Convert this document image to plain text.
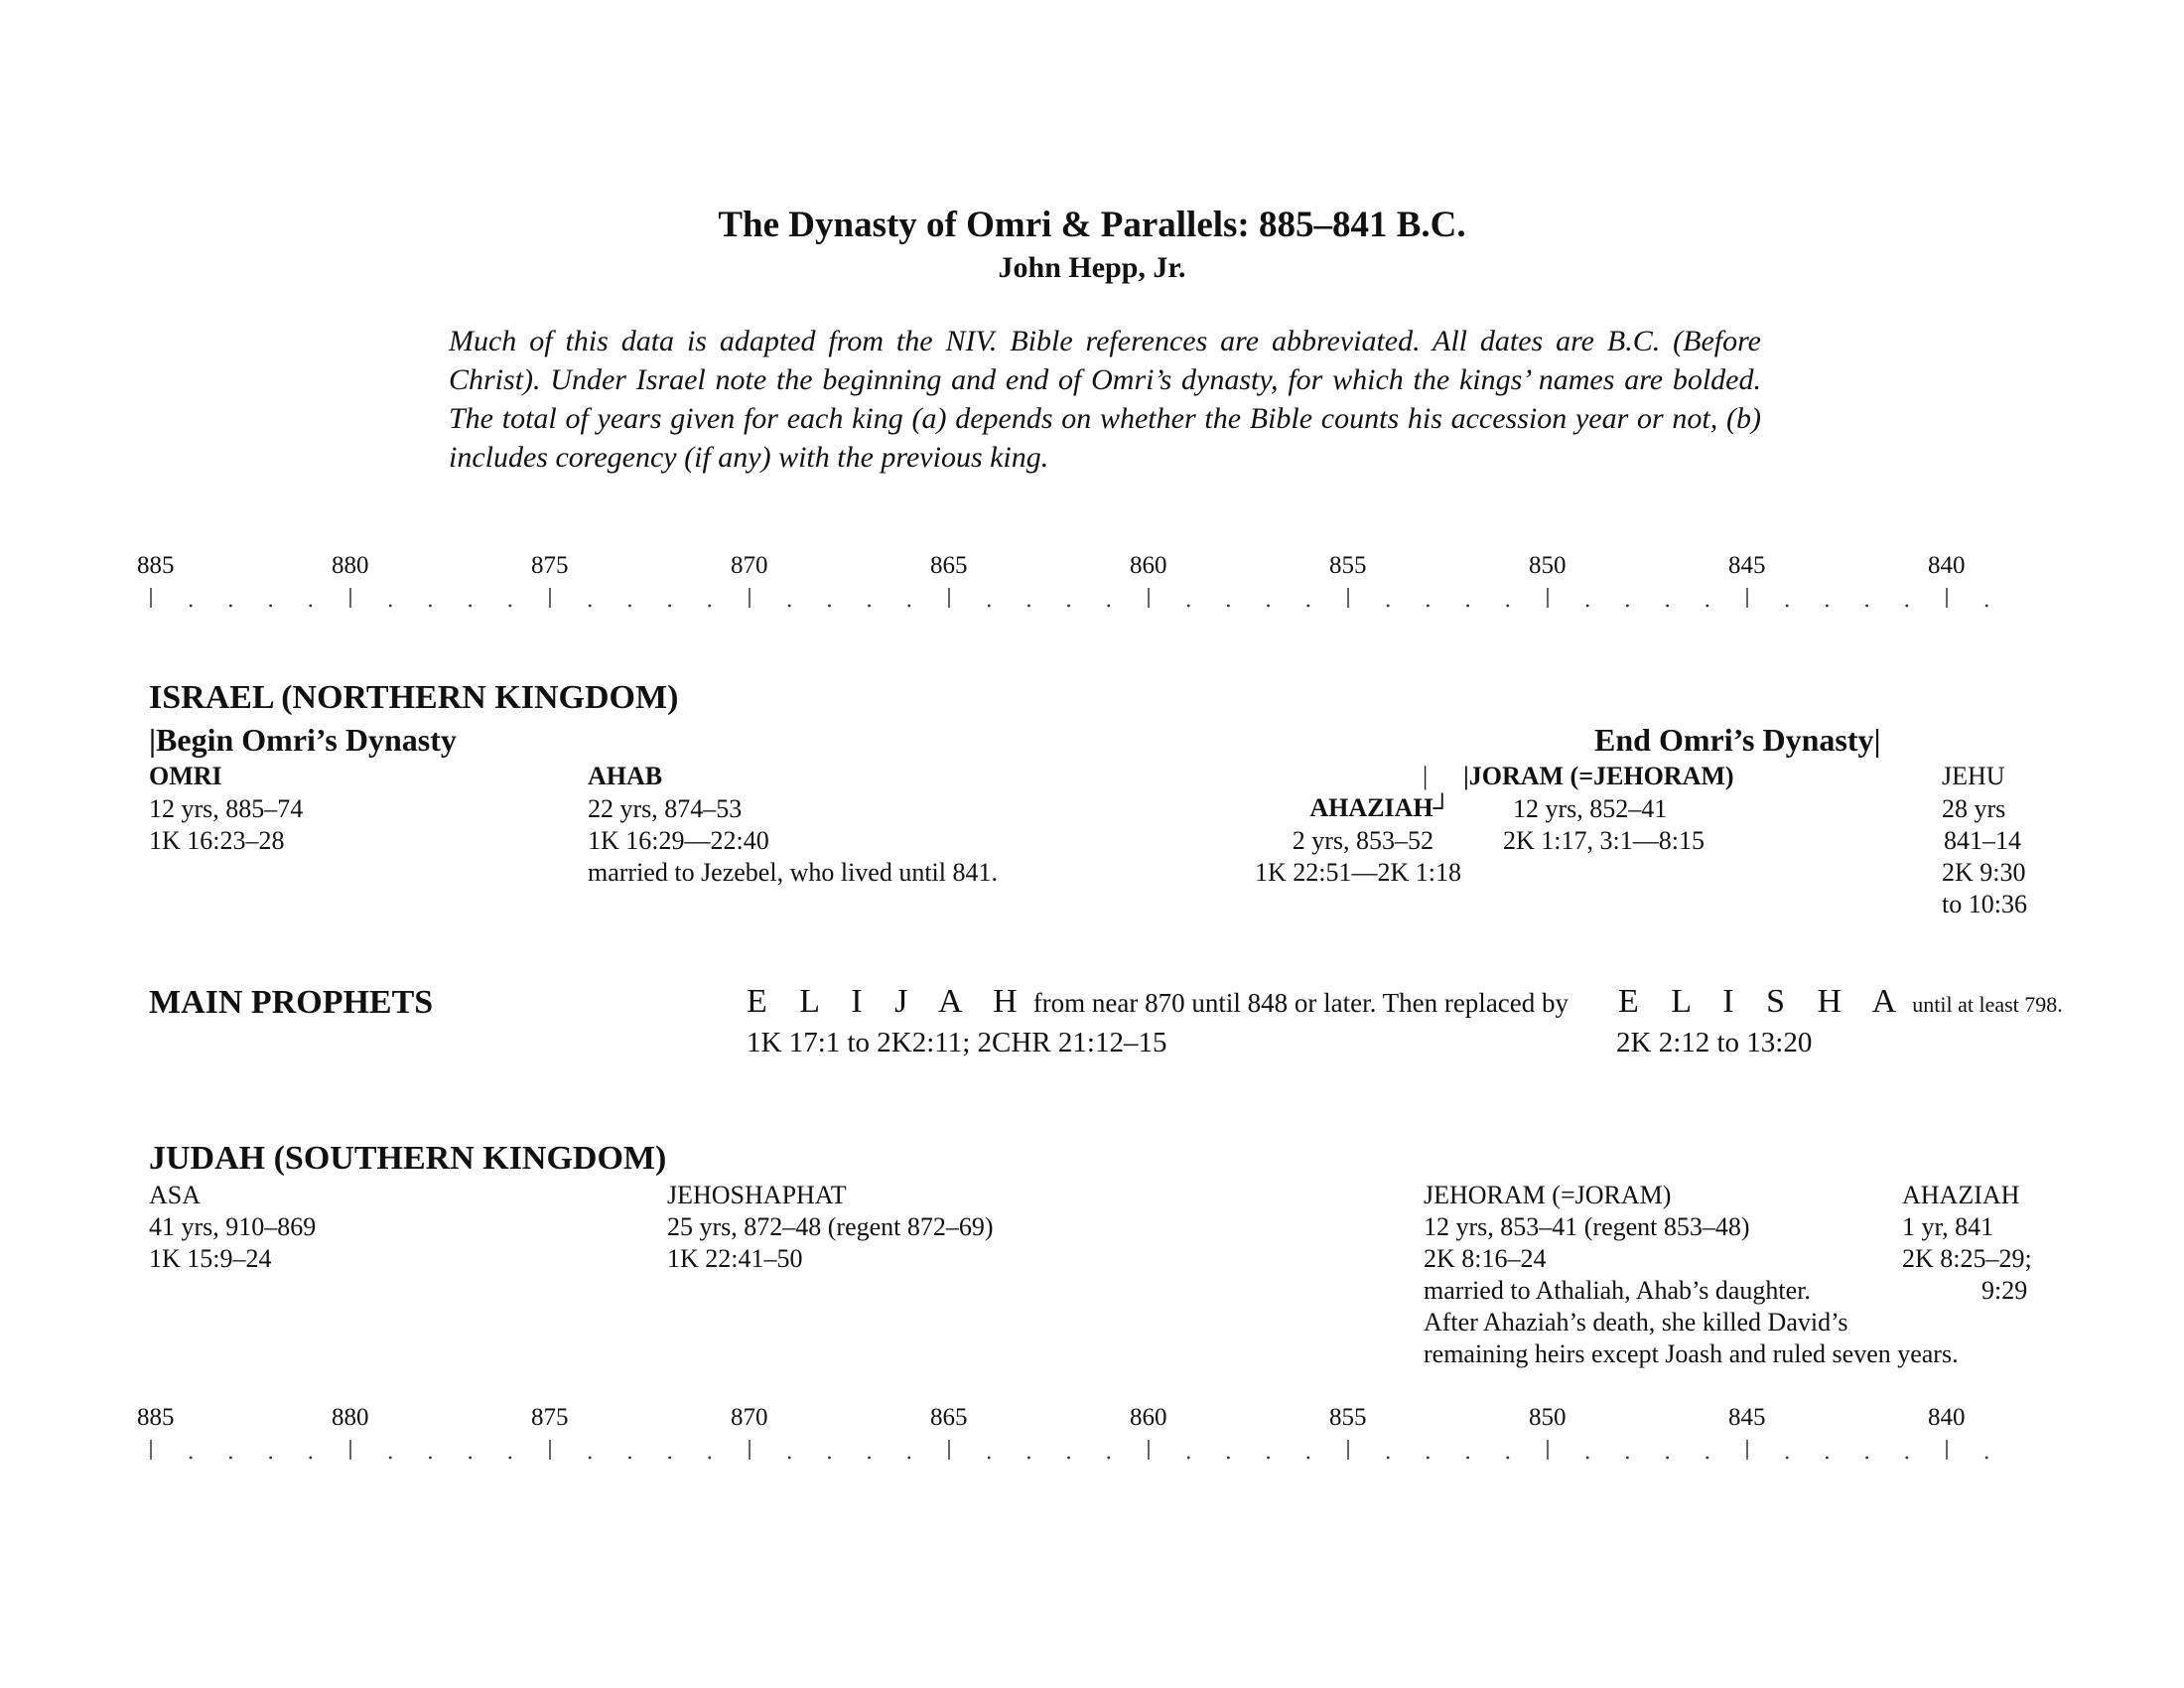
The Dynasty of Omri & Parallels: 885–841 B.C.
John Hepp, Jr.
Much of this data is adapted from the NIV. Bible references are abbreviated. All dates are B.C. (Before Christ). Under Israel note the beginning and end of Omri’s dynasty, for which the kings’ names are bolded. The total of years given for each king (a) depends on whether the Bible counts his accession year or not, (b) includes coregency (if any) with the previous king.
885	880	875	870	865	860	855	850	845	840
ISRAEL (NORTHERN KINGDOM)
|Begin Omri’s Dynasty	End Omri’s Dynasty|
OMRI
12 yrs, 885–74
1K 16:23–28
AHAB
22 yrs, 874–53
1K 16:29—22:40
married to Jezebel, who lived until 841.
|
AHAZIAH┘
2 yrs, 853–52
1K 22:51—2K 1:18
|JORAM (=JEHORAM)
12 yrs, 852–41
2K 1:17, 3:1—8:15
JEHU
28 yrs
841–14
2K 9:30
to 10:36
MAIN PROPHETS	E L I J A H from near 870 until 848 or later. Then replaced by E L I S H A until at least 798.
1K 17:1 to 2K2:11; 2CHR 21:12–15	2K 2:12 to 13:20
JUDAH (SOUTHERN KINGDOM)
ASA
41 yrs, 910–869
1K 15:9–24
JEHOSHAPHAT
25 yrs, 872–48 (regent 872–69)
1K 22:41–50
JEHORAM (=JORAM)
12 yrs, 853–41 (regent 853–48)
2K 8:16–24
married to Athaliah, Ahab’s daughter.
After Ahaziah’s death, she killed David’s
remaining heirs except Joash and ruled seven years.
AHAZIAH
1 yr, 841
2K 8:25–29;
9:29
885	880	875	870	865	860	855	850	845	840
